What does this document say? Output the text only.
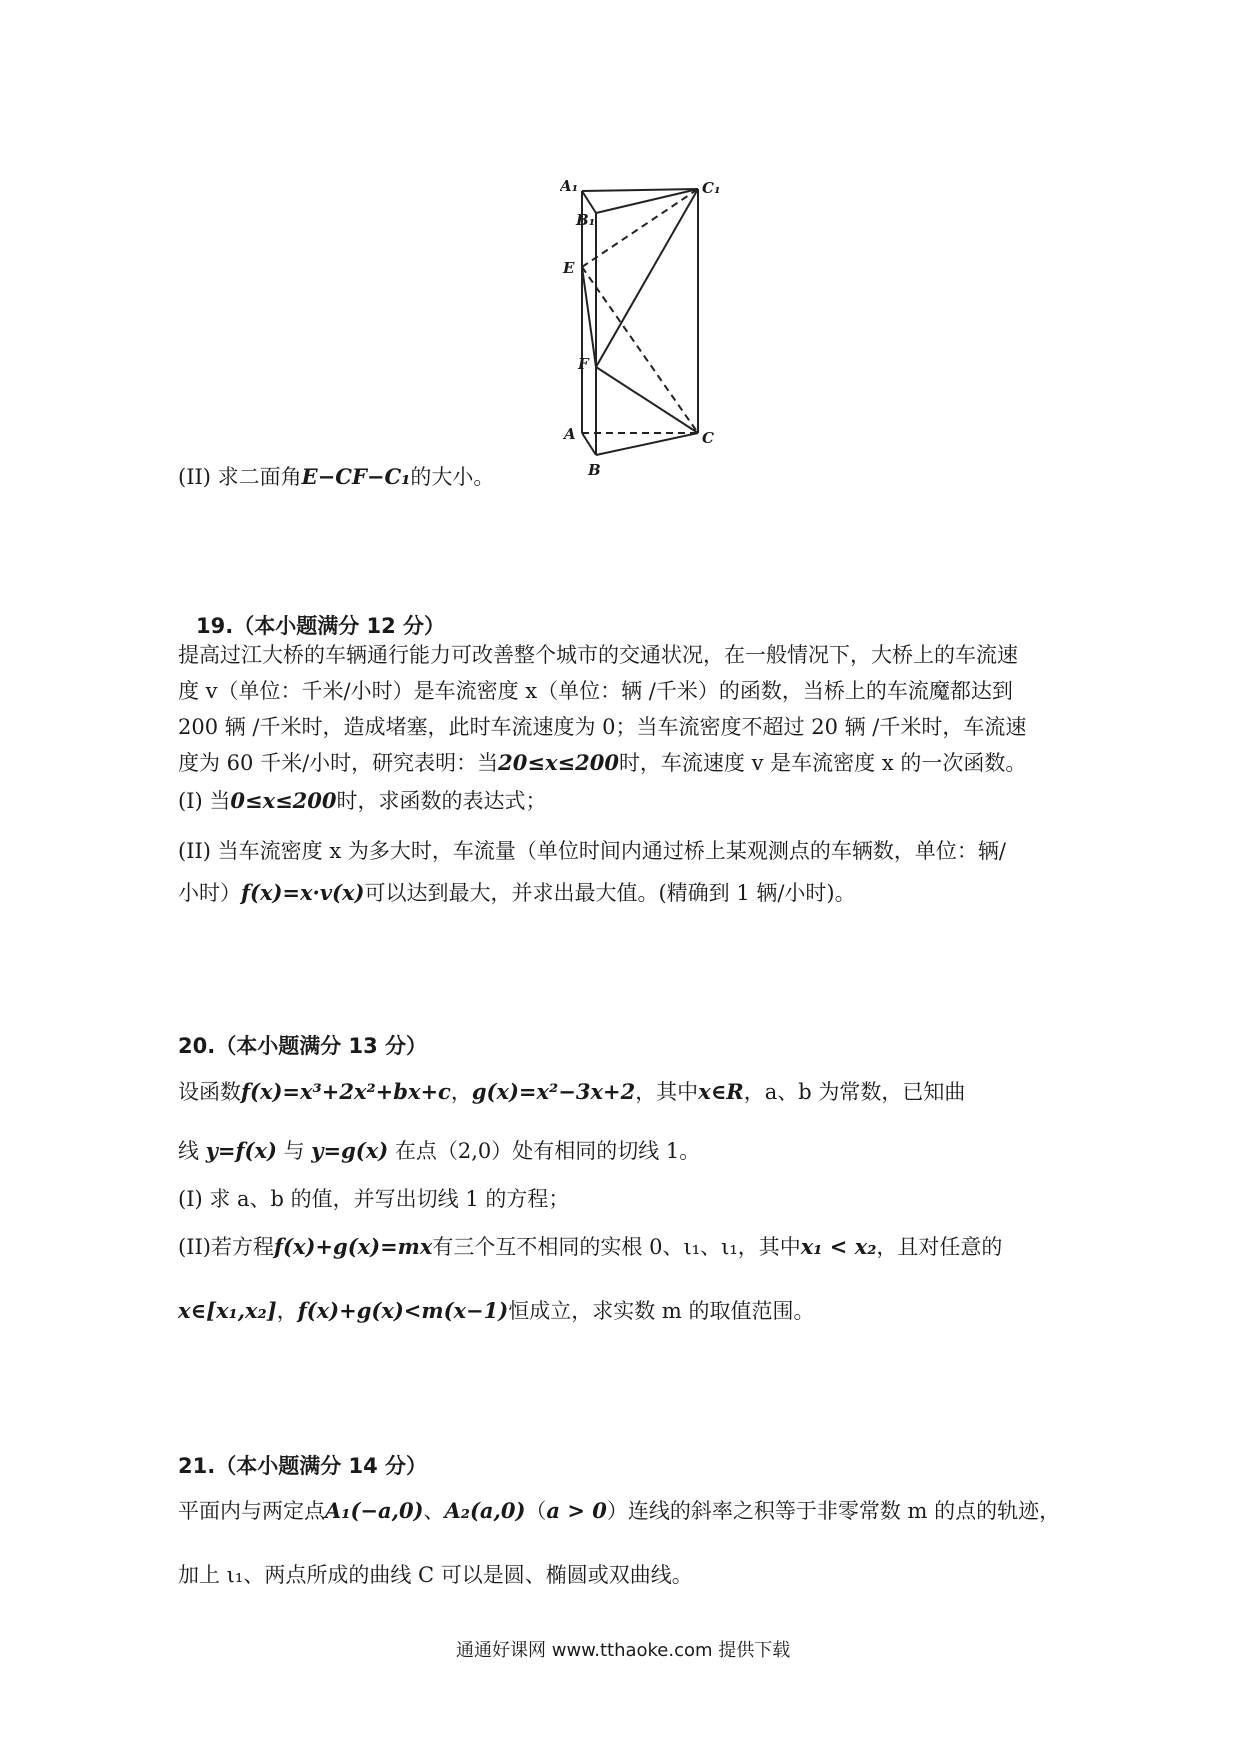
A₁	C₁
B₁
E
F
A	C
B
(II) 求二面角E−CF−C₁的大小。
19.（本小题满分 12 分）
提高过江大桥的车辆通行能力可改善整个城市的交通状况，在一般情况下，大桥上的车流速
度 v（单位：千米/小时）是车流密度 x（单位：辆 /千米）的函数，当桥上的车流魔都达到
200 辆 /千米时，造成堵塞，此时车流速度为 0；当车流密度不超过 20 辆 /千米时，车流速
度为 60 千米/小时，研究表明：当20≤x≤200时，车流速度 v 是车流密度 x 的一次函数。
(I) 当0≤x≤200时，求函数的表达式；
(II) 当车流密度 x 为多大时，车流量（单位时间内通过桥上某观测点的车辆数，单位：辆/
小时）f(x)=x·v(x)可以达到最大，并求出最大值。(精确到 1 辆/小时)。
20.（本小题满分 13 分）
设函数f(x)=x³+2x²+bx+c，g(x)=x²−3x+2，其中x∈R，a、b 为常数，已知曲
线 y=f(x) 与 y=g(x) 在点（2,0）处有相同的切线 1。
(I) 求 a、b 的值，并写出切线 1 的方程；
(II)若方程f(x)+g(x)=mx有三个互不相同的实根 0、ι₁、ι₁，其中x₁ < x₂，且对任意的
x∈[x₁,x₂]，f(x)+g(x)<m(x−1)恒成立，求实数 m 的取值范围。
21.（本小题满分 14 分）
平面内与两定点A₁(−a,0)、A₂(a,0)（a > 0）连线的斜率之积等于非零常数 m 的点的轨迹，
加上 ι₁、两点所成的曲线 C 可以是圆、椭圆或双曲线。
通通好课网 www.tthaoke.com 提供下载
